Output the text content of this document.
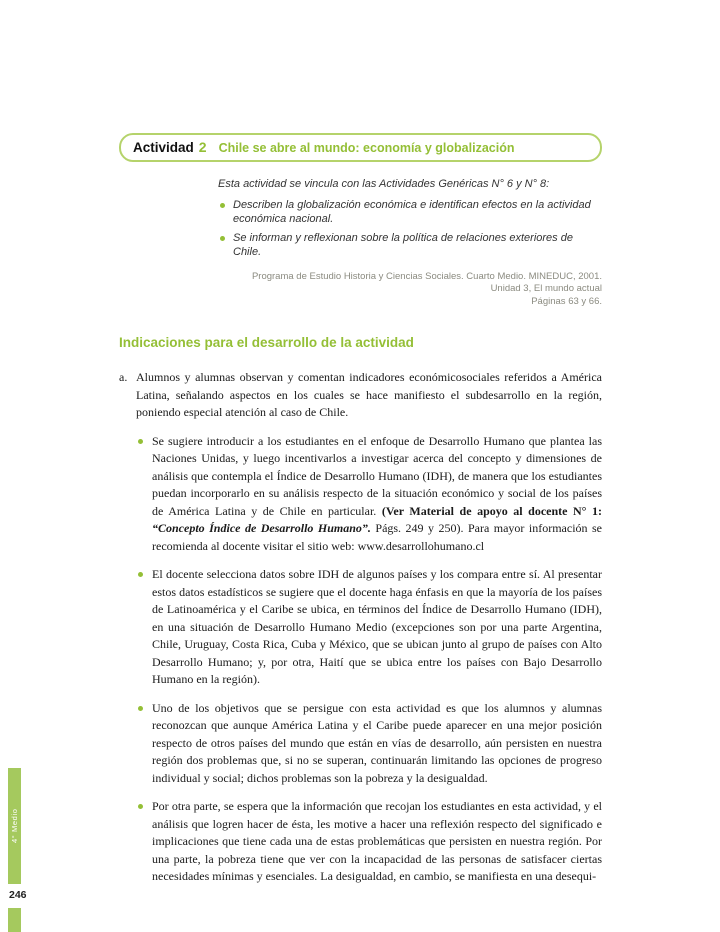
Actividad 2 Chile se abre al mundo: economía y globalización
Esta actividad se vincula con las Actividades Genéricas N° 6 y N° 8:
Describen la globalización económica e identifican efectos en la actividad económica nacional.
Se informan y reflexionan sobre la política de relaciones exteriores de Chile.
Programa de Estudio Historia y Ciencias Sociales. Cuarto Medio. MINEDUC, 2001.
Unidad 3, El mundo actual
Páginas 63 y 66.
Indicaciones para el desarrollo de la actividad
a. Alumnos y alumnas observan y comentan indicadores económicosociales referidos a América Latina, señalando aspectos en los cuales se hace manifiesto el subdesarrollo en la región, poniendo especial atención al caso de Chile.
Se sugiere introducir a los estudiantes en el enfoque de Desarrollo Humano que plantea las Naciones Unidas, y luego incentivarlos a investigar acerca del concepto y dimensiones de análisis que contempla el Índice de Desarrollo Humano (IDH), de manera que los estudiantes puedan incorporarlo en su análisis respecto de la situación económico y social de los países de América Latina y de Chile en particular. (Ver Material de apoyo al docente N° 1: “Concepto Índice de Desarrollo Humano”. Págs. 249 y 250). Para mayor información se recomienda al docente visitar el sitio web: www.desarrollohumano.cl
El docente selecciona datos sobre IDH de algunos países y los compara entre sí. Al presentar estos datos estadísticos se sugiere que el docente haga énfasis en que la mayoría de los países de Latinoamérica y el Caribe se ubica, en términos del Índice de Desarrollo Humano (IDH), en una situación de Desarrollo Humano Medio (excepciones son por una parte Argentina, Chile, Uruguay, Costa Rica, Cuba y México, que se ubican junto al grupo de países con Alto Desarrollo Humano; y, por otra, Haití que se ubica entre los países con Bajo Desarrollo Humano en la región).
Uno de los objetivos que se persigue con esta actividad es que los alumnos y alumnas reconozcan que aunque América Latina y el Caribe puede aparecer en una mejor posición respecto de otros países del mundo que están en vías de desarrollo, aún persisten en nuestra región dos problemas que, si no se superan, continuarán limitando las opciones de progreso individual y social; dichos problemas son la pobreza y la desigualdad.
Por otra parte, se espera que la información que recojan los estudiantes en esta actividad, y el análisis que logren hacer de ésta, les motive a hacer una reflexión respecto del significado e implicaciones que tiene cada una de estas problemáticas que persisten en nuestra región. Por una parte, la pobreza tiene que ver con la incapacidad de las personas de satisfacer ciertas necesidades mínimas y esenciales. La desigualdad, en cambio, se manifiesta en una desequi-
4° Medio
246
